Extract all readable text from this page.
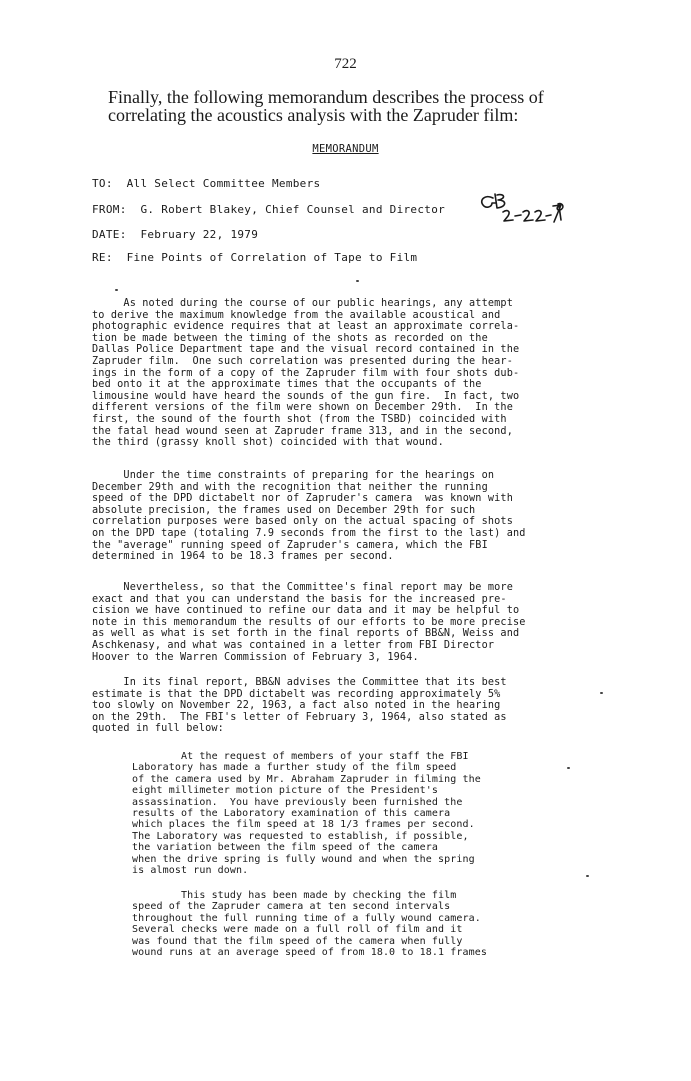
722
Finally, the following memorandum describes the process of correlating the acoustics analysis with the Zapruder film:
MEMORANDUM
TO:  All Select Committee Members
FROM:  G. Robert Blakey, Chief Counsel and Director
DATE:  February 22, 1979
RE:  Fine Points of Correlation of Tape to Film
As noted during the course of our public hearings, any attempt
to derive the maximum knowledge from the available acoustical and
photographic evidence requires that at least an approximate correla-
tion be made between the timing of the shots as recorded on the
Dallas Police Department tape and the visual record contained in the
Zapruder film.  One such correlation was presented during the hear-
ings in the form of a copy of the Zapruder film with four shots dub-
bed onto it at the approximate times that the occupants of the
limousine would have heard the sounds of the gun fire.  In fact, two
different versions of the film were shown on December 29th.  In the
first, the sound of the fourth shot (from the TSBD) coincided with
the fatal head wound seen at Zapruder frame 313, and in the second,
the third (grassy knoll shot) coincided with that wound.
Under the time constraints of preparing for the hearings on
December 29th and with the recognition that neither the running
speed of the DPD dictabelt nor of Zapruder's camera  was known with
absolute precision, the frames used on December 29th for such
correlation purposes were based only on the actual spacing of shots
on the DPD tape (totaling 7.9 seconds from the first to the last) and
the "average" running speed of Zapruder's camera, which the FBI
determined in 1964 to be 18.3 frames per second.
Nevertheless, so that the Committee's final report may be more
exact and that you can understand the basis for the increased pre-
cision we have continued to refine our data and it may be helpful to
note in this memorandum the results of our efforts to be more precise
as well as what is set forth in the final reports of BB&N, Weiss and
Aschkenasy, and what was contained in a letter from FBI Director
Hoover to the Warren Commission of February 3, 1964.
In its final report, BB&N advises the Committee that its best
estimate is that the DPD dictabelt was recording approximately 5%
too slowly on November 22, 1963, a fact also noted in the hearing
on the 29th.  The FBI's letter of February 3, 1964, also stated as
quoted in full below:
At the request of members of your staff the FBI
Laboratory has made a further study of the film speed
of the camera used by Mr. Abraham Zapruder in filming the
eight millimeter motion picture of the President's
assassination.  You have previously been furnished the
results of the Laboratory examination of this camera
which places the film speed at 18 1/3 frames per second.
The Laboratory was requested to establish, if possible,
the variation between the film speed of the camera
when the drive spring is fully wound and when the spring
is almost run down.
This study has been made by checking the film
speed of the Zapruder camera at ten second intervals
throughout the full running time of a fully wound camera.
Several checks were made on a full roll of film and it
was found that the film speed of the camera when fully
wound runs at an average speed of from 18.0 to 18.1 frames
